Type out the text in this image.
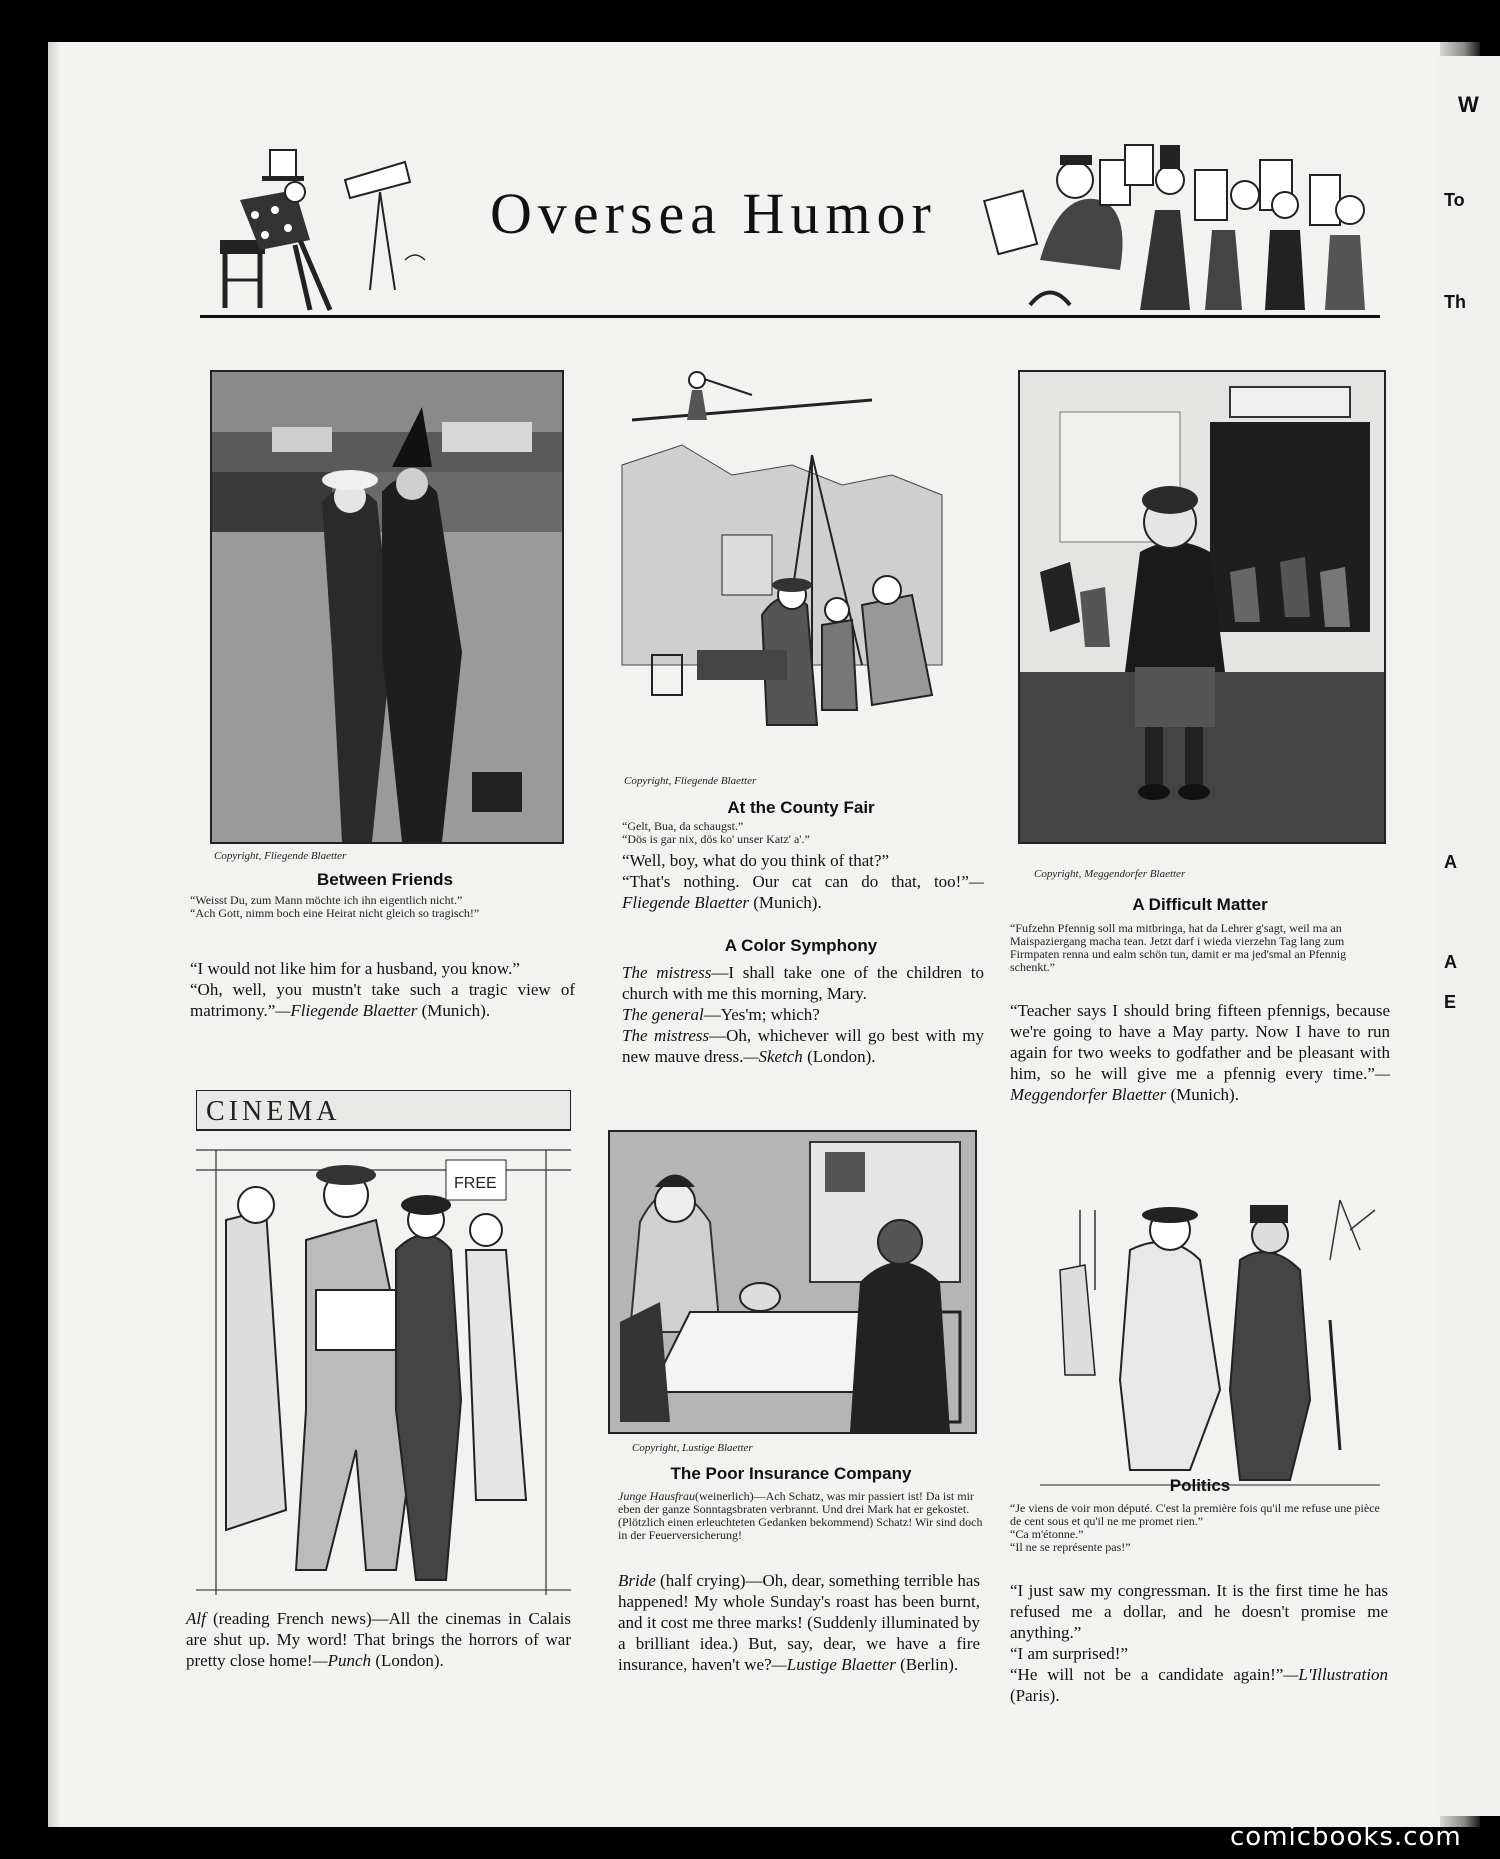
W
To
Th
A
A
E
Oversea Humor
Copyright, Fliegende Blaetter
Between Friends

“Weisst Du, zum Mann möchte ich ihn eigentlich nicht.”

“Ach Gott, nimm boch eine Heirat nicht gleich so tragisch!”

“I would not like him for a husband, you know.”

“Oh, well, you mustn't take such a tragic view of matrimony.”—Fliegende Blaetter (Munich).

CINEMA
FREE

Alf (reading French news)—All the cinemas in Calais are shut up. My word! That brings the horrors of war pretty close home!—Punch (London).

Copyright, Fliegende Blaetter
At the County Fair

“Gelt, Bua, da schaugst.”

“Dös is gar nix, dös ko' unser Katz' a'.”

“Well, boy, what do you think of that?”

“That's nothing. Our cat can do that, too!”—Fliegende Blaetter (Munich).

A Color Symphony

The mistress—I shall take one of the children to church with me this morning, Mary.

The general—Yes'm; which?

The mistress—Oh, whichever will go best with my new mauve dress.—Sketch (London).

Copyright, Lustige Blaetter
The Poor Insurance Company

Junge Hausfrau(weinerlich)—Ach Schatz, was mir passiert ist! Da ist mir eben der ganze Sonntagsbraten verbrannt. Und drei Mark hat er gekostet. (Plötzlich einen erleuchteten Gedanken bekommend) Schatz! Wir sind doch in der Feuerversicherung!

Bride (half crying)—Oh, dear, something terrible has happened! My whole Sunday's roast has been burnt, and it cost me three marks! (Suddenly illuminated by a brilliant idea.) But, say, dear, we have a fire insurance, haven't we?—Lustige Blaetter (Berlin).

Copyright, Meggendorfer Blaetter
A Difficult Matter

“Fufzehn Pfennig soll ma mitbringa, hat da Lehrer g'sagt, weil ma an Maispaziergang macha tean. Jetzt darf i wieda vierzehn Tag lang zum Firmpaten renna und ealm schön tun, damit er ma jed'smal an Pfennig schenkt.”

“Teacher says I should bring fifteen pfennigs, because we're going to have a May party. Now I have to run again for two weeks to godfather and be pleasant with him, so he will give me a pfennig every time.”—Meggendorfer Blaetter (Munich).

Politics

“Je viens de voir mon député. C'est la première fois qu'il me refuse une pièce de cent sous et qu'il ne me promet rien.”

“Ca m'étonne.”

“Il ne se représente pas!”

“I just saw my congressman. It is the first time he has refused me a dollar, and he doesn't promise me anything.”

“I am surprised!”

“He will not be a candidate again!”—L'Illustration (Paris).

comicbooks.com
